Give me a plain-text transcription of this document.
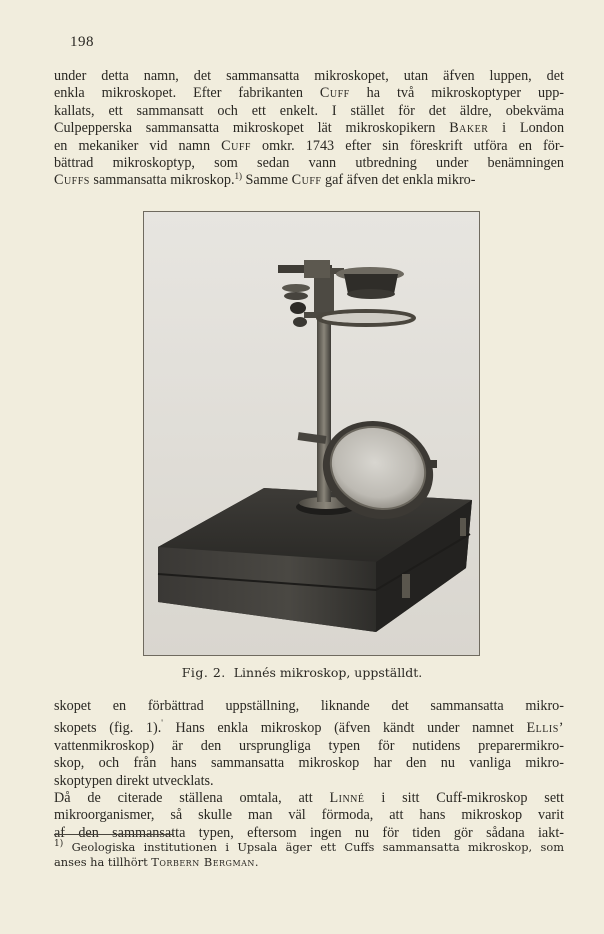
198

under detta namn, det sammansatta mikroskopet, utan äfven luppen, det
enkla mikroskopet. Efter fabrikanten Cuff ha två mikroskoptyper upp-
kallats, ett sammansatt och ett enkelt. I stället för det äldre, obekväma
Culpepperska sammansatta mikroskopet lät mikroskopikern Baker i London
en mekaniker vid namn Cuff omkr. 1743 efter sin föreskrift utföra en för-
bättrad mikroskoptyp, som sedan vann utbredning under benämningen
Cuffs sammansatta mikroskop.$^{1)}$ Samme Cuff gaf äfven det enkla mikro-

Fig. 2. Linnés mikroskop, uppställdt.

skopet en förbättrad uppställning, liknande det sammansatta mikro-
skopets (fig. 1).' Hans enkla mikroskop (äfven kändt under namnet Ellis’
vattenmikroskop) är den ursprungliga typen för nutidens preparermikro-
skop, och från hans sammansatta mikroskop har den nu vanliga mikro-
skoptypen direkt utvecklats.
Då de citerade ställena omtala, att Linné i sitt Cuff-mikroskop sett
mikroorganismer, så skulle man väl förmoda, att hans mikroskop varit
af den sammansatta typen, eftersom ingen nu för tiden gör sådana iakt-

$^{1)}$ Geologiska institutionen i Upsala äger ett Cuffs sammansatta mikroskop, som
anses ha tillhört Torbern Bergman.
